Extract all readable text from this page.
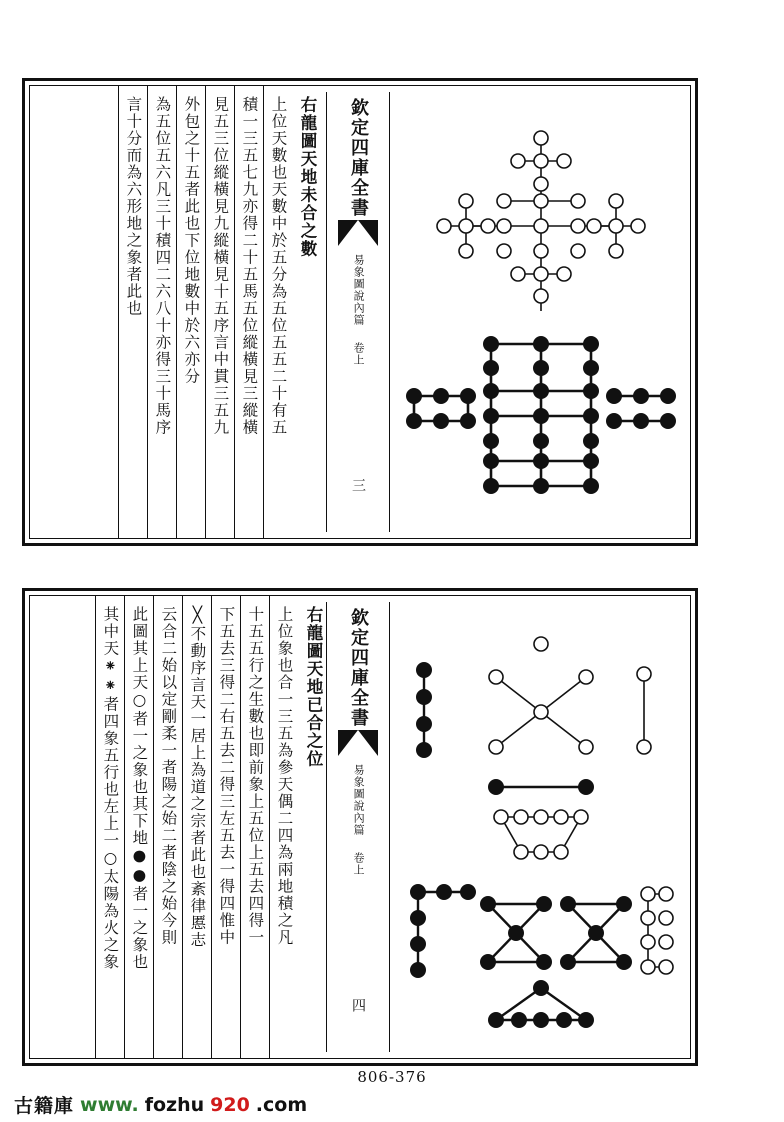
右龍圖天地未合之數
上位天數也天數中於五分為五位五五二十有五
積一三五七九亦得二十五馬五位縱橫見三縱橫
見五三位縱橫見九縱橫見十五序言中貫三五九
外包之十五者此也下位地數中於六亦分
為五位五六凡三十積四二六八十亦得三十馬序
言十分而為六形地之象者此也	欽定四庫全書
易象圖說內篇
卷上
三
右龍圖天地已合之位
上位象也合一三五為參天偶二四為兩地積之凡
十五五行之生數也即前象上五位上五去四得一
下五去三得二右五去二得三左五去一得四惟中
╳不動序言天一居上為道之宗者此也紊律慝志
云合二始以定剛柔一者陽之始二者陰之始今則
此圖其上天○者一之象也其下地●●者一之象也
其中天⁕⁕者四象五行也左上一○太陽為火之象	欽定四庫全書
易象圖說內篇
卷上
四
806-376
古籍庫 www. fozhu 920 .com
